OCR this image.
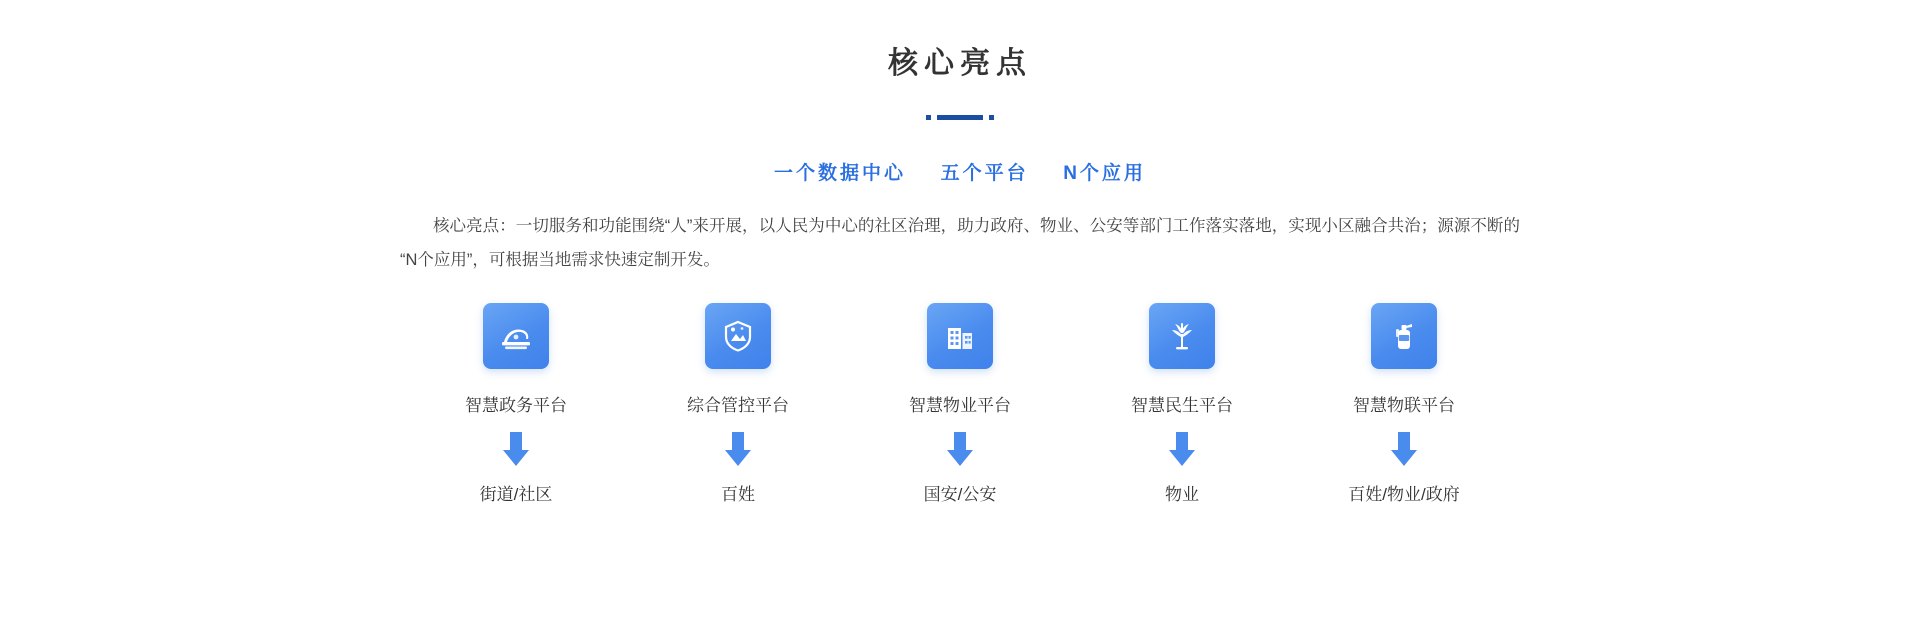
核心亮点
一个数据中心 五个平台 N个应用
核心亮点：一切服务和功能围绕“人”来开展，以人民为中心的社区治理，助力政府、物业、公安等部门工作落实落地，实现小区融合共治；源源不断的“N个应用”，可根据当地需求快速定制开发。
智慧政务平台	综合管控平台	智慧物业平台	智慧民生平台	智慧物联平台
街道/社区	百姓	国安/公安	物业	百姓/物业/政府
